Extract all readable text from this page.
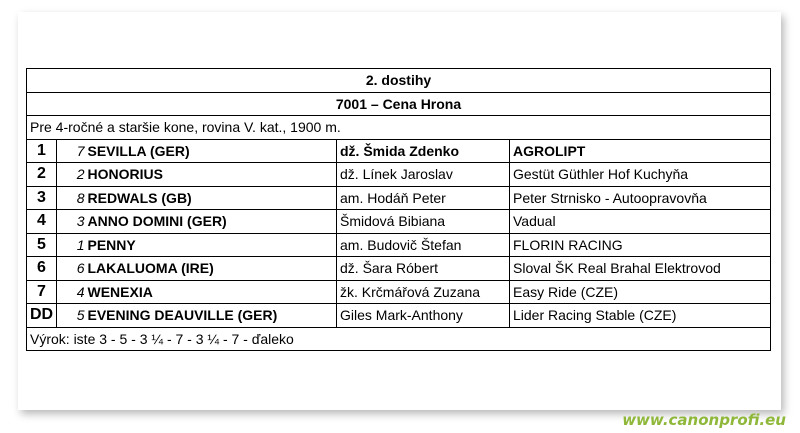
2. dostihy				
7001 – Cena Hrona				
Pre 4-ročné a staršie kone, rovina V. kat., 1900 m.				
1	7	SEVILLA (GER)	dž. Šmida Zdenko	AGROLIPT
2	2	HONORIUS	dž. Línek Jaroslav	Gestüt Güthler Hof Kuchyňa
3	8	REDWALS (GB)	am. Hodáň Peter	Peter Strnisko - Autoopravovňa
4	3	ANNO DOMINI (GER)	Šmidová Bibiana	Vadual
5	1	PENNY	am. Budovič Štefan	FLORIN RACING
6	6	LAKALUOMA (IRE)	dž. Šara Róbert	Sloval ŠK Real Brahal Elektrovod
7	4	WENEXIA	žk. Krčmářová Zuzana	Easy Ride (CZE)
DD	5	EVENING DEAUVILLE (GER)	Giles Mark-Anthony	Lider Racing Stable (CZE)
Výrok: iste 3 - 5 - 3 ¼ - 7 - 3 ¼ - 7 - ďaleko				
www.canonprofi.eu
